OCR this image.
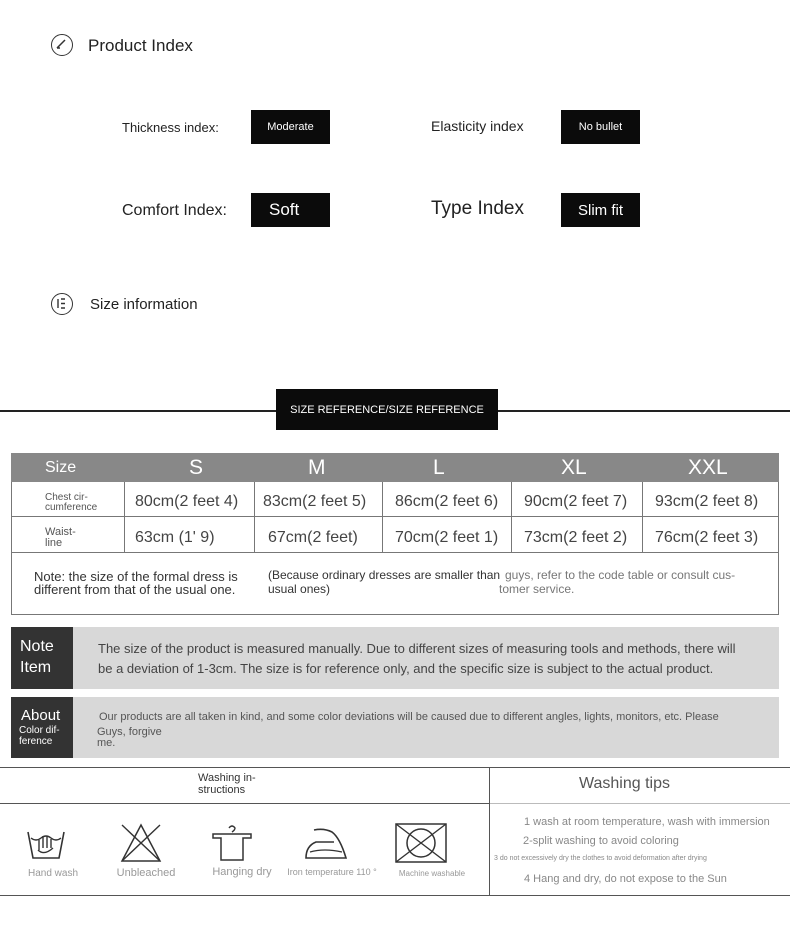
Product Index
Thickness index:	Moderate	Elasticity index	No bullet
Comfort Index:	Soft	Type Index	Slim fit
Size information
SIZE REFERENCE/SIZE REFERENCE
Size	S	M	L	XL	XXL
Chest cir-
cumference 80cm(2 feet 4) 83cm(2 feet 5) 86cm(2 feet 6) 90cm(2 feet 7) 93cm(2 feet 8)
Waist-
line	63cm (1' 9)	67cm(2 feet) 70cm(2 feet 1) 73cm(2 feet 2) 76cm(2 feet 3)
Note: the size of the formal dress is
different from that of the usual one.
(Because ordinary dresses are smaller than
usual ones)
guys, refer to the code table or consult cus-
tomer service.
Note
Item
The size of the product is measured manually. Due to different sizes of measuring tools and methods, there will
be a deviation of 1-3cm. The size is for reference only, and the specific size is subject to the actual product.
About
Color dif-
ference
Our products are all taken in kind, and some color deviations will be caused due to different angles, lights, monitors, etc. Please
Guys, forgive
me.
Washing in-
structions	Washing tips
Hand wash	Unbleached	Hanging dry	Iron temperature 110 °	Machine washable
1 wash at room temperature, wash with immersion
2-split washing to avoid coloring
3 do not excessively dry the clothes to avoid deformation after drying
4 Hang and dry, do not expose to the Sun
